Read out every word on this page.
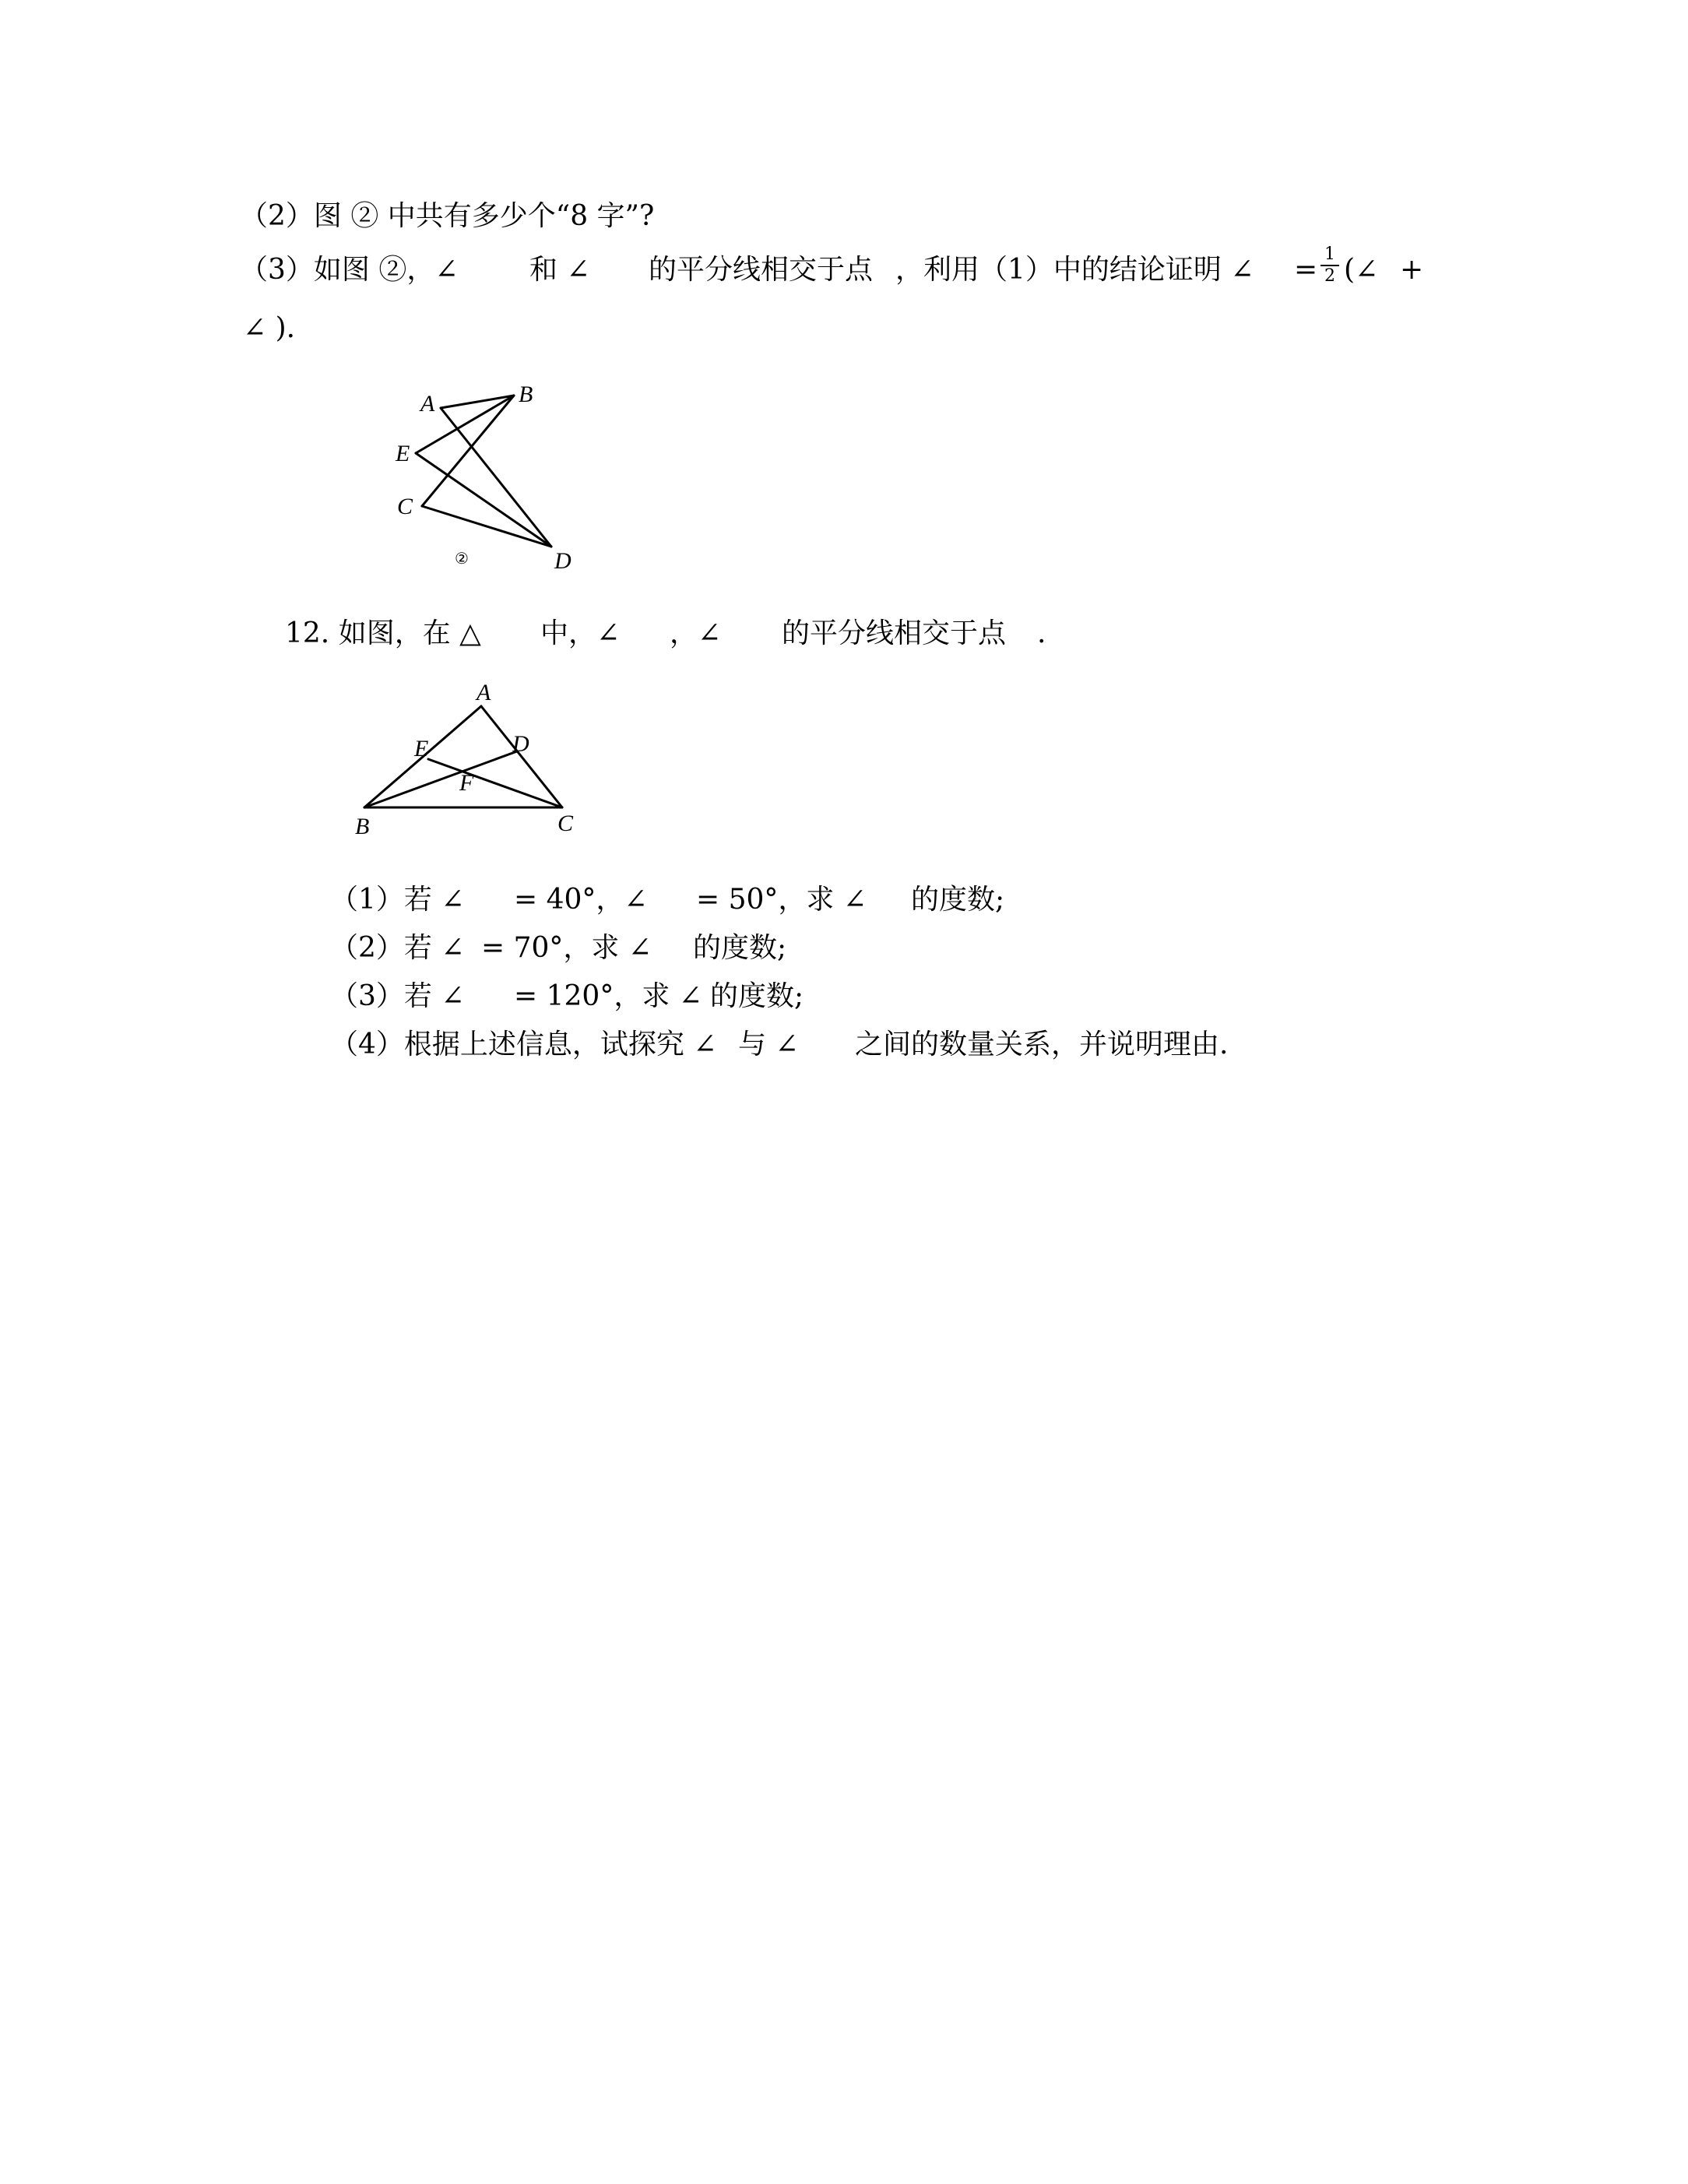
（2）图 ② 中共有多少个“8 字”?
（3）如图 ②，∠	和 ∠ 的平分线相交于点 ，利用（1）中的结论证明 ∠ = 1
2 (∠ +
∠ ).
A	B
E
C
D
②
12. 如图，在 △ 中，∠ ，∠ 的平分线相交于点 .
A
E	D
F
B	C
（1）若 ∠ = 40°，∠ = 50°，求 ∠ 的度数;
（2）若 ∠ = 70°，求 ∠ 的度数;
（3）若 ∠ = 120°，求 ∠ 的度数;
（4）根据上述信息，试探究 ∠ 与 ∠ 之间的数量关系，并说明理由.
